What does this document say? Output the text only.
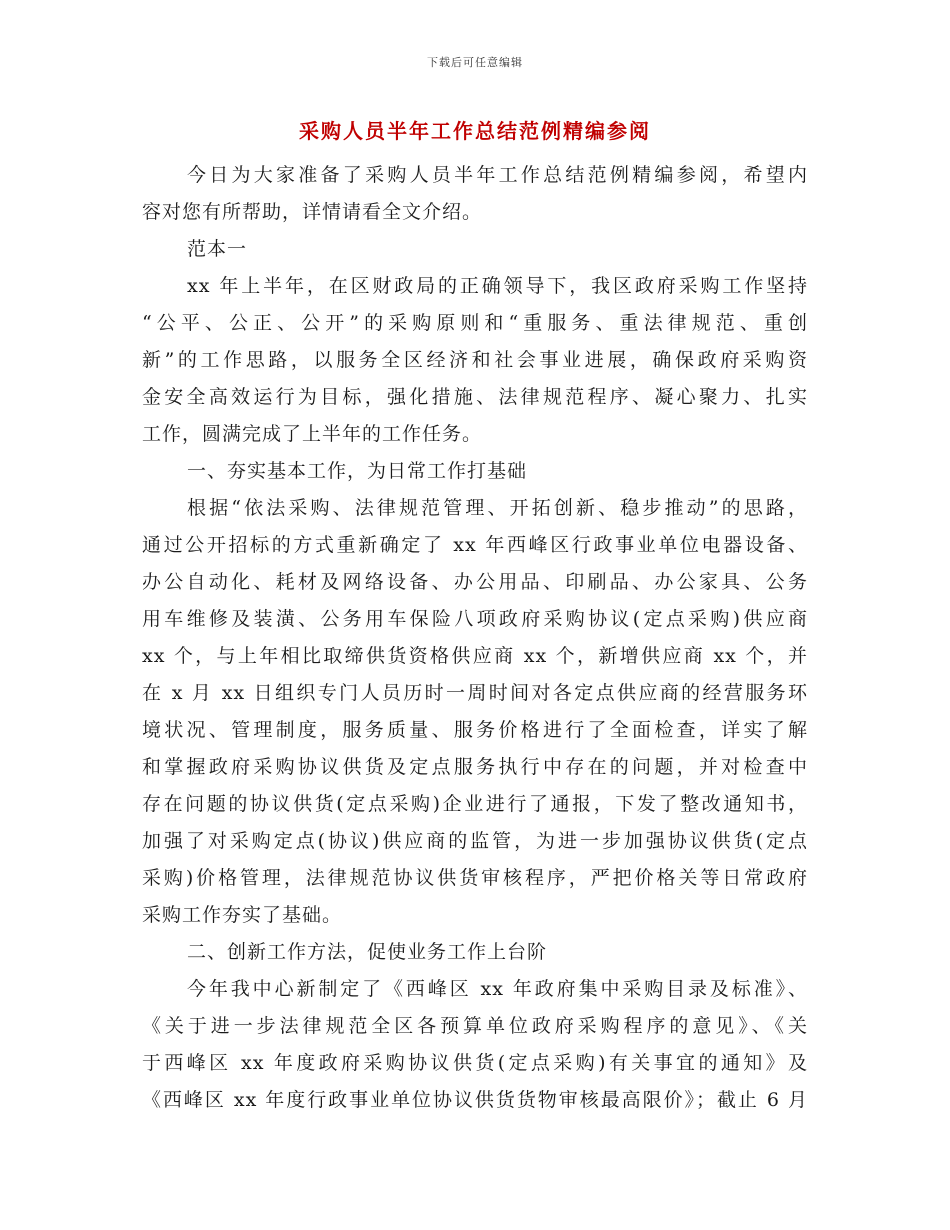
下载后可任意编辑
采购人员半年工作总结范例精编参阅
今日为大家准备了采购人员半年工作总结范例精编参阅，希望内
容对您有所帮助，详情请看全文介绍。
范本一
xx 年上半年，在区财政局的正确领导下，我区政府采购工作坚持
“公平、公正、公开”的采购原则和“重服务、重法律规范、重创
新”的工作思路，以服务全区经济和社会事业进展，确保政府采购资
金安全高效运行为目标，强化措施、法律规范程序、凝心聚力、扎实
工作，圆满完成了上半年的工作任务。
一、夯实基本工作，为日常工作打基础
根据“依法采购、法律规范管理、开拓创新、稳步推动”的思路，
通过公开招标的方式重新确定了 xx 年西峰区行政事业单位电器设备、
办公自动化、耗材及网络设备、办公用品、印刷品、办公家具、公务
用车维修及装潢、公务用车保险八项政府采购协议(定点采购)供应商
xx 个，与上年相比取缔供货资格供应商 xx 个，新增供应商 xx 个，并
在 x 月 xx 日组织专门人员历时一周时间对各定点供应商的经营服务环
境状况、管理制度，服务质量、服务价格进行了全面检查，详实了解
和掌握政府采购协议供货及定点服务执行中存在的问题，并对检查中
存在问题的协议供货(定点采购)企业进行了通报，下发了整改通知书，
加强了对采购定点(协议)供应商的监管，为进一步加强协议供货(定点
采购)价格管理，法律规范协议供货审核程序，严把价格关等日常政府
采购工作夯实了基础。
二、创新工作方法，促使业务工作上台阶
今年我中心新制定了《西峰区 xx 年政府集中采购目录及标准》、
《关于进一步法律规范全区各预算单位政府采购程序的意见》、《关
于西峰区 xx 年度政府采购协议供货(定点采购)有关事宜的通知》及
《西峰区 xx 年度行政事业单位协议供货货物审核最高限价》；截止 6 月
